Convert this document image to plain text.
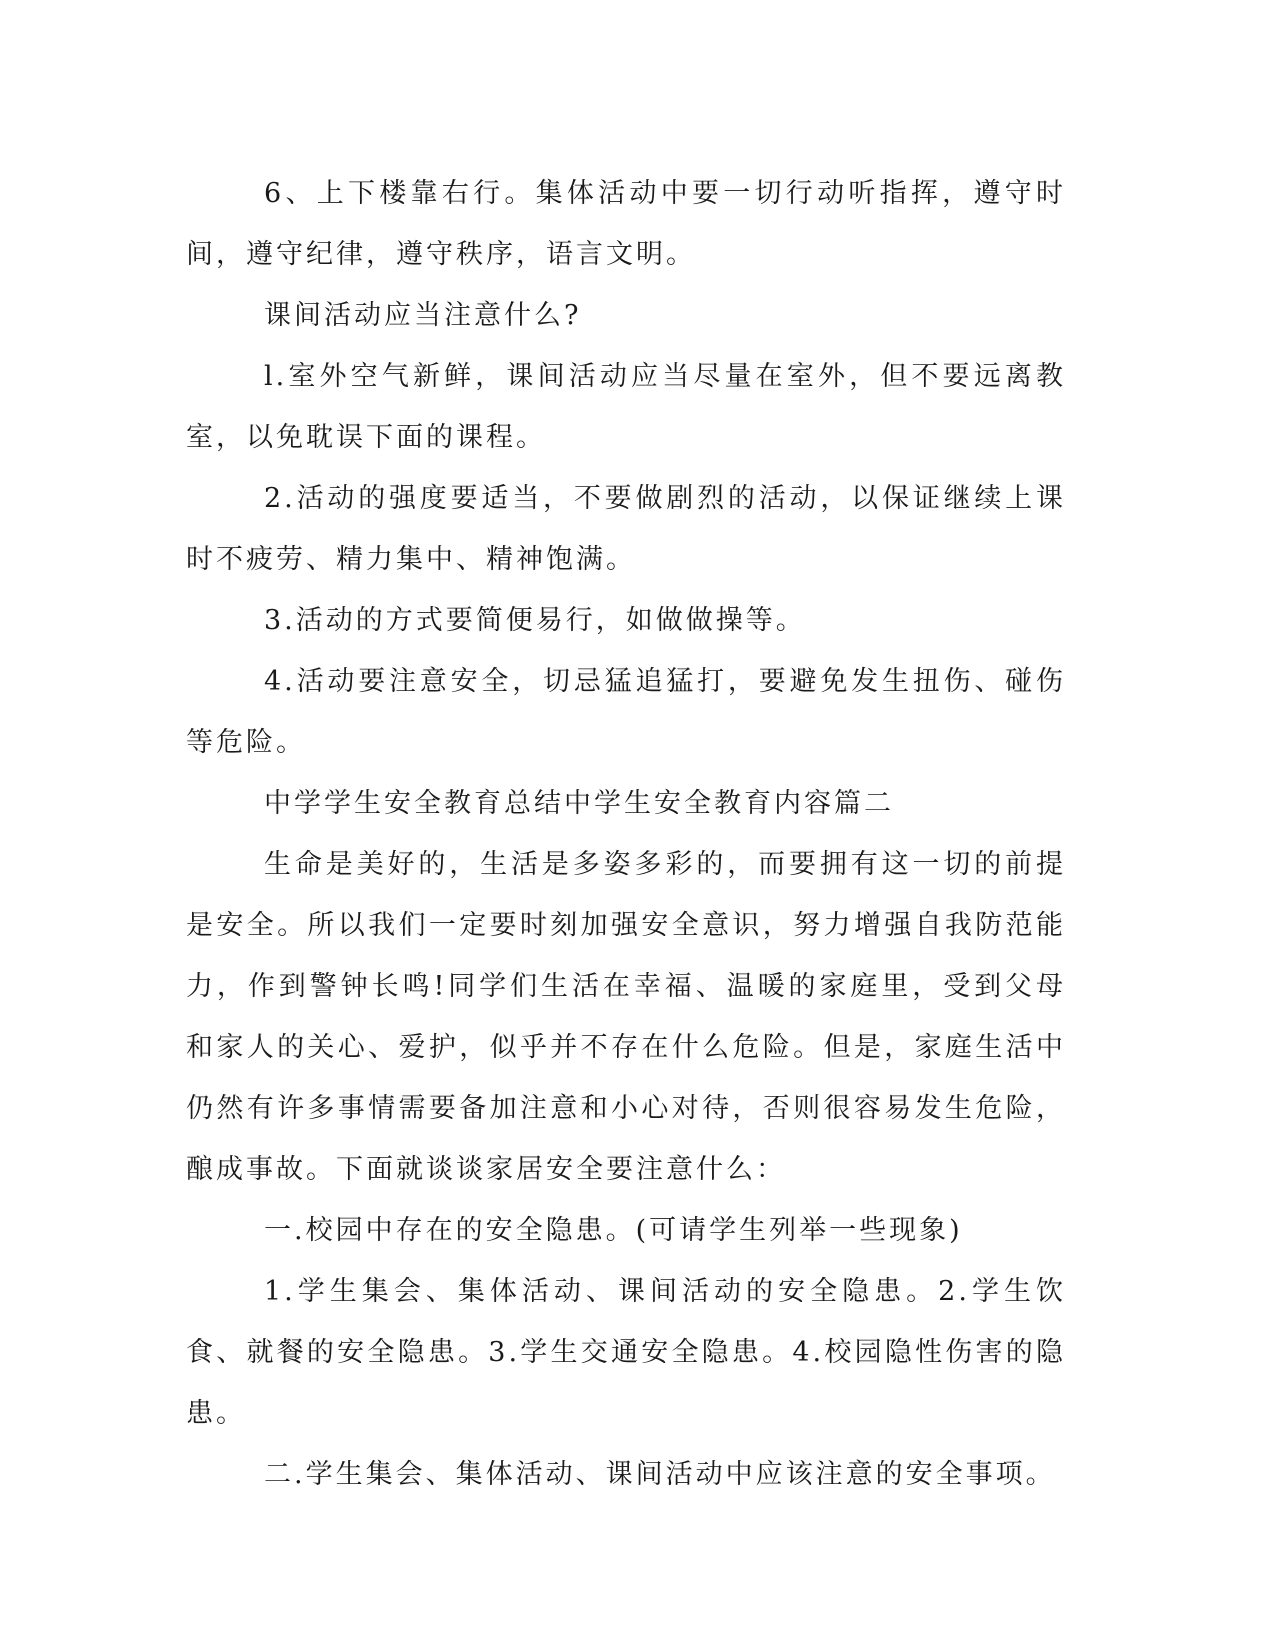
6、上下楼靠右行。集体活动中要一切行动听指挥，遵守时间，遵守纪律，遵守秩序，语言文明。

课间活动应当注意什么?

l.室外空气新鲜，课间活动应当尽量在室外，但不要远离教室，以免耽误下面的课程。

2.活动的强度要适当，不要做剧烈的活动，以保证继续上课时不疲劳、精力集中、精神饱满。

3.活动的方式要简便易行，如做做操等。

4.活动要注意安全，切忌猛追猛打，要避免发生扭伤、碰伤等危险。

中学学生安全教育总结中学生安全教育内容篇二

生命是美好的，生活是多姿多彩的，而要拥有这一切的前提是安全。所以我们一定要时刻加强安全意识，努力增强自我防范能力，作到警钟长鸣!同学们生活在幸福、温暖的家庭里，受到父母和家人的关心、爱护，似乎并不存在什么危险。但是，家庭生活中仍然有许多事情需要备加注意和小心对待，否则很容易发生危险，酿成事故。下面就谈谈家居安全要注意什么：

一.校园中存在的安全隐患。(可请学生列举一些现象)

1.学生集会、集体活动、课间活动的安全隐患。2.学生饮食、就餐的安全隐患。3.学生交通安全隐患。4.校园隐性伤害的隐患。

二.学生集会、集体活动、课间活动中应该注意的安全事项。
